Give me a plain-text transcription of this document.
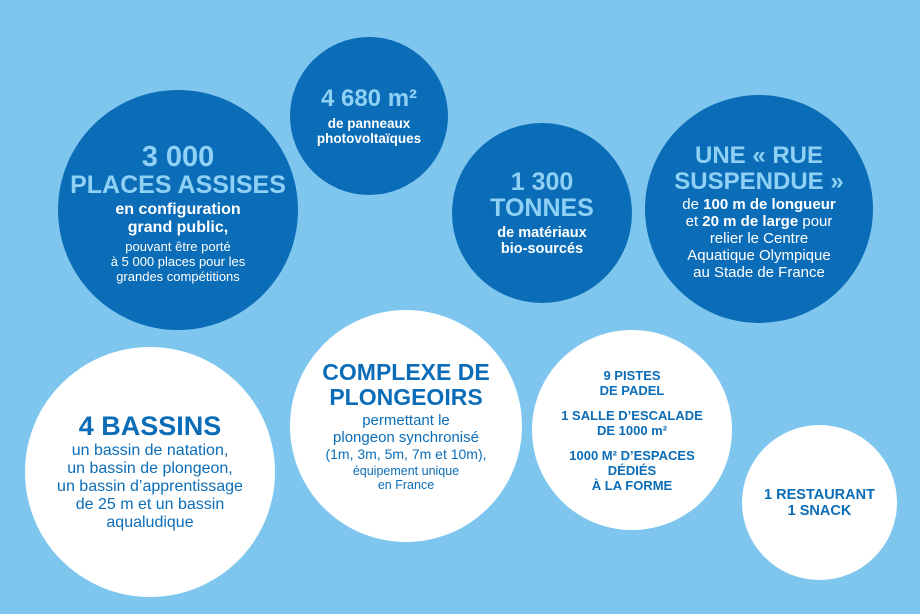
3 000
PLACES ASSISES
en configuration
grand public,
pouvant être porté
à 5 000 places pour les
grandes compétitions
4 680 m²
de panneaux
photovoltaïques
1 300
TONNES
de matériaux
bio-sourcés
UNE « RUE
SUSPENDUE »
de 100 m de longueur
et 20 m de large pour
relier le Centre
Aquatique Olympique
au Stade de France
4 BASSINS
un bassin de natation,
un bassin de plongeon,
un bassin d’apprentissage
de 25 m et un bassin
aqualudique
COMPLEXE DE
PLONGEOIRS
permettant le
plongeon synchronisé
(1m, 3m, 5m, 7m et 10m),
équipement unique
en France
9 PISTES
DE PADEL
1 SALLE D’ESCALADE
DE 1000 m²
1000 M² D’ESPACES
DÉDIÉS
À LA FORME
1 RESTAURANT
1 SNACK
